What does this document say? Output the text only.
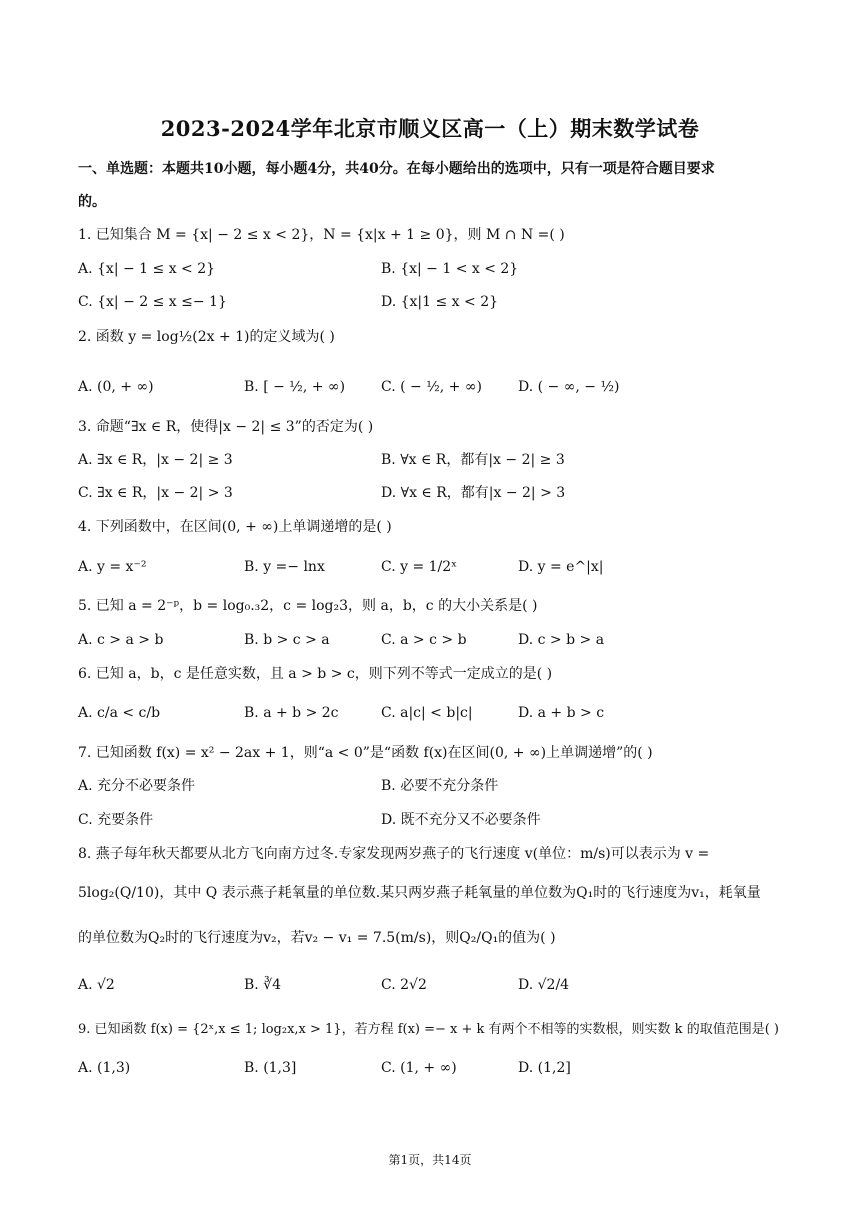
2023-2024学年北京市顺义区高一（上）期末数学试卷
一、单选题：本题共10小题，每小题4分，共40分。在每小题给出的选项中，只有一项是符合题目要求
的。
1. 已知集合 M = {x| − 2 ≤ x < 2}，N = {x|x + 1 ≥ 0}，则 M ∩ N =( )
A. {x| − 1 ≤ x < 2}	B. {x| − 1 < x < 2}
C. {x| − 2 ≤ x ≤− 1}	D. {x|1 ≤ x < 2}
2. 函数 y = log½(2x + 1)的定义域为( )
A. (0, + ∞)	B. [ − ½, + ∞)	C. ( − ½, + ∞)	D. ( − ∞, − ½)
3. 命题“∃x ∈ R，使得|x − 2| ≤ 3”的否定为( )
A. ∃x ∈ R，|x − 2| ≥ 3	B. ∀x ∈ R，都有|x − 2| ≥ 3
C. ∃x ∈ R，|x − 2| > 3	D. ∀x ∈ R，都有|x − 2| > 3
4. 下列函数中，在区间(0, + ∞)上单调递增的是( )
A. y = x⁻²	B. y =− lnx	C. y = 1/2ˣ	D. y = e^|x|
5. 已知 a = 2⁻ᵖ，b = log₀.₃2，c = log₂3，则 a，b，c 的大小关系是( )
A. c > a > b	B. b > c > a	C. a > c > b	D. c > b > a
6. 已知 a，b，c 是任意实数，且 a > b > c，则下列不等式一定成立的是( )
A. c/a < c/b	B. a + b > 2c	C. a|c| < b|c|	D. a + b > c
7. 已知函数 f(x) = x² − 2ax + 1，则“a < 0”是“函数 f(x)在区间(0, + ∞)上单调递增”的( )
A. 充分不必要条件	B. 必要不充分条件
C. 充要条件	D. 既不充分又不必要条件
8. 燕子每年秋天都要从北方飞向南方过冬.专家发现两岁燕子的飞行速度 v(单位：m/s)可以表示为 v =
5log₂(Q/10)，其中 Q 表示燕子耗氧量的单位数.某只两岁燕子耗氧量的单位数为Q₁时的飞行速度为v₁，耗氧量
的单位数为Q₂时的飞行速度为v₂，若v₂ − v₁ = 7.5(m/s)，则Q₂/Q₁的值为( )
A. √2	B. ∛4	C. 2√2	D. √2/4
9. 已知函数 f(x) = {2ˣ,x ≤ 1; log₂x,x > 1}，若方程 f(x) =− x + k 有两个不相等的实数根，则实数 k 的取值范围是( )
A. (1,3)	B. (1,3]	C. (1, + ∞)	D. (1,2]
第1页，共14页
